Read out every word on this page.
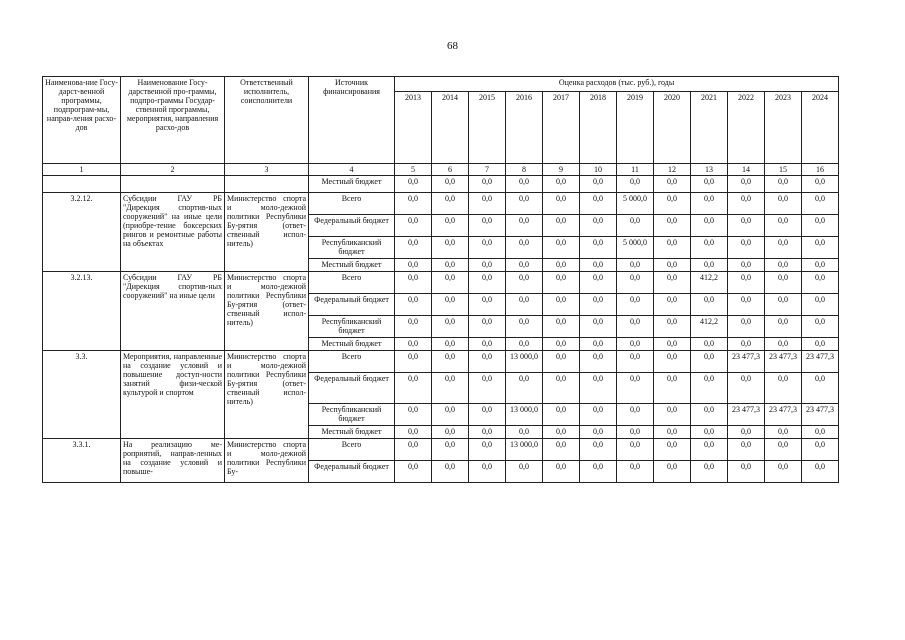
68
Наименова-ние Госу-дарст-венной программы, подпрограм-мы, направ-ления расхо-дов	Наименование Госу-дарственной про-граммы, подпро-граммы Государ-ственной программы, мероприятия, направления расхо-дов	Ответственный исполнитель, соисполнители	Источник финансирования	Оценка расходов (тыс. руб.), годы											
				2013	2014	2015	2016	2017	2018	2019	2020	2021	2022	2023	2024
1	2	3	4	5	6	7	8	9	10	11	12	13	14	15	16
			Местный бюджет	0,0	0,0	0,0	0,0	0,0	0,0	0,0	0,0	0,0	0,0	0,0	0,0
3.2.12.	Субсидии ГАУ РБ "Дирекция спортив-ных сооружений" на иные цели (приобре-тение боксерских рингов и ремонтные работы на объектах	Министерство спорта и моло-дежной политики Республики Бу-рятия (ответ-ственный испол-нитель)	Всего	0,0	0,0	0,0	0,0	0,0	0,0	5 000,0	0,0	0,0	0,0	0,0	0,0
			Федеральный бюджет	0,0	0,0	0,0	0,0	0,0	0,0	0,0	0,0	0,0	0,0	0,0	0,0
			Республиканский бюджет	0,0	0,0	0,0	0,0	0,0	0,0	5 000,0	0,0	0,0	0,0	0,0	0,0
			Местный бюджет	0,0	0,0	0,0	0,0	0,0	0,0	0,0	0,0	0,0	0,0	0,0	0,0
3.2.13.	Субсидии ГАУ РБ "Дирекция спортив-ных сооружений" на иные цели	Министерство спорта и моло-дежной политики Республики Бу-рятия (ответ-ственный испол-нитель)	Всего	0,0	0,0	0,0	0,0	0,0	0,0	0,0	0,0	412,2	0,0	0,0	0,0
			Федеральный бюджет	0,0	0,0	0,0	0,0	0,0	0,0	0,0	0,0	0,0	0,0	0,0	0,0
			Республиканский бюджет	0,0	0,0	0,0	0,0	0,0	0,0	0,0	0,0	412,2	0,0	0,0	0,0
			Местный бюджет	0,0	0,0	0,0	0,0	0,0	0,0	0,0	0,0	0,0	0,0	0,0	0,0
3.3.	Мероприятия, направленные на создание условий и повышение доступ-ности занятий физи-ческой культурой и спортом	Министерство спорта и моло-дежной политики Республики Бу-рятия (ответ-ственный испол-нитель)	Всего	0,0	0,0	0,0	13 000,0	0,0	0,0	0,0	0,0	0,0	23 477,3	23 477,3	23 477,3
			Федеральный бюджет	0,0	0,0	0,0	0,0	0,0	0,0	0,0	0,0	0,0	0,0	0,0	0,0
			Республиканский бюджет	0,0	0,0	0,0	13 000,0	0,0	0,0	0,0	0,0	0,0	23 477,3	23 477,3	23 477,3
			Местный бюджет	0,0	0,0	0,0	0,0	0,0	0,0	0,0	0,0	0,0	0,0	0,0	0,0
3.3.1.	На реализацию ме-роприятий, направ-ленных на создание условий и повыше-	Министерство спорта и моло-дежной политики Республики Бу-	Всего	0,0	0,0	0,0	13 000,0	0,0	0,0	0,0	0,0	0,0	0,0	0,0	0,0
			Федеральный бюджет	0,0	0,0	0,0	0,0	0,0	0,0	0,0	0,0	0,0	0,0	0,0	0,0
